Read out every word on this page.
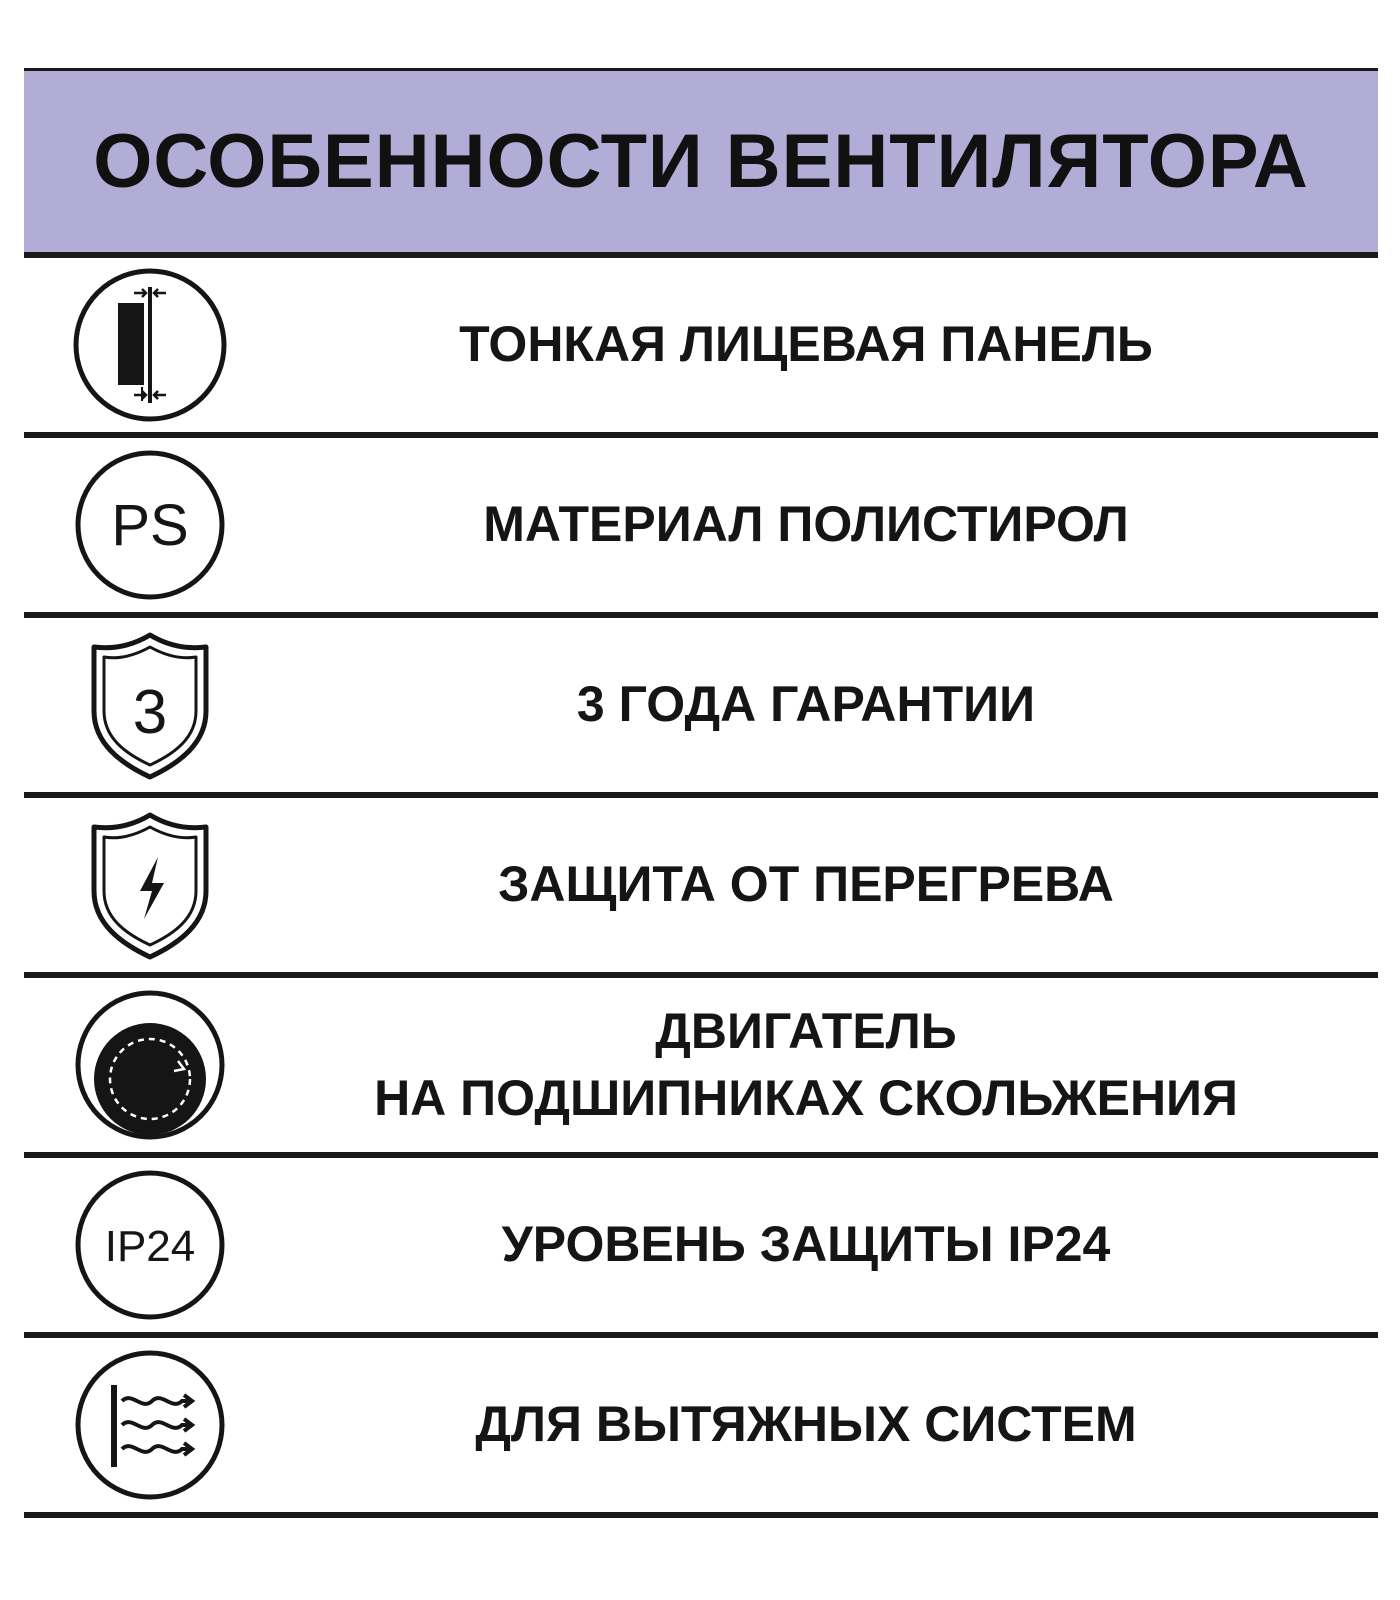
ОСОБЕННОСТИ ВЕНТИЛЯТОРА
ТОНКАЯ ЛИЦЕВАЯ ПАНЕЛЬ
PS	МАТЕРИАЛ ПОЛИСТИРОЛ
3	3 ГОДА ГАРАНТИИ
ЗАЩИТА ОТ ПЕРЕГРЕВА
ДВИГАТЕЛЬ
НА ПОДШИПНИКАХ СКОЛЬЖЕНИЯ
IP24	УРОВЕНЬ ЗАЩИТЫ IP24
ДЛЯ ВЫТЯЖНЫХ СИСТЕМ
